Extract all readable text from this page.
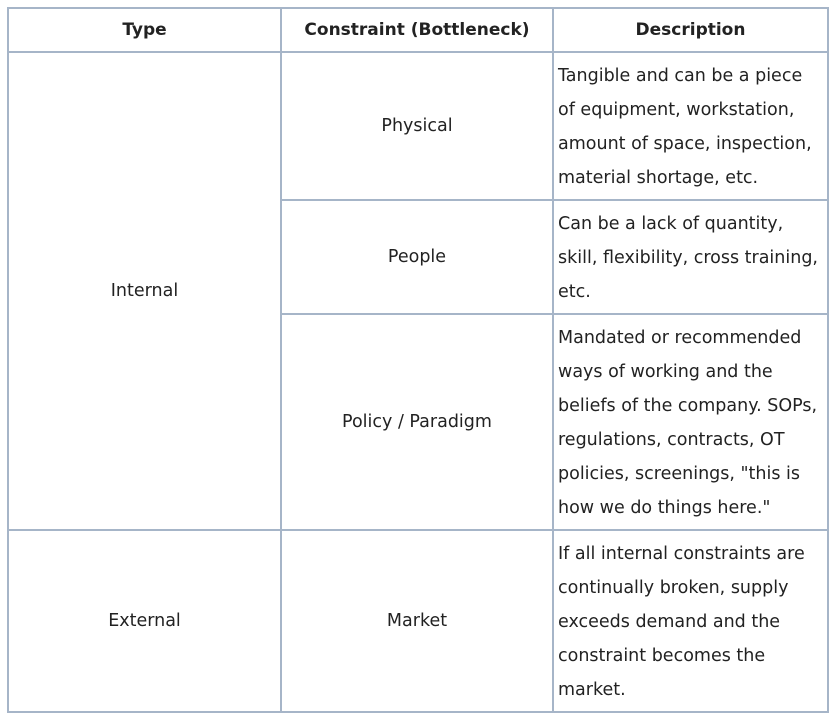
Type	Constraint (Bottleneck)	Description
Internal	Physical	Tangible and can be a piece of equipment, workstation, amount of space, inspection, material shortage, etc.
	People	Can be a lack of quantity, skill, flexibility, cross training, etc.
	Policy / Paradigm	Mandated or recommended ways of working and the beliefs of the company. SOPs, regulations, contracts, OT policies, screenings, "this is how we do things here."
External	Market	If all internal constraints are continually broken, supply exceeds demand and the constraint becomes the market.
